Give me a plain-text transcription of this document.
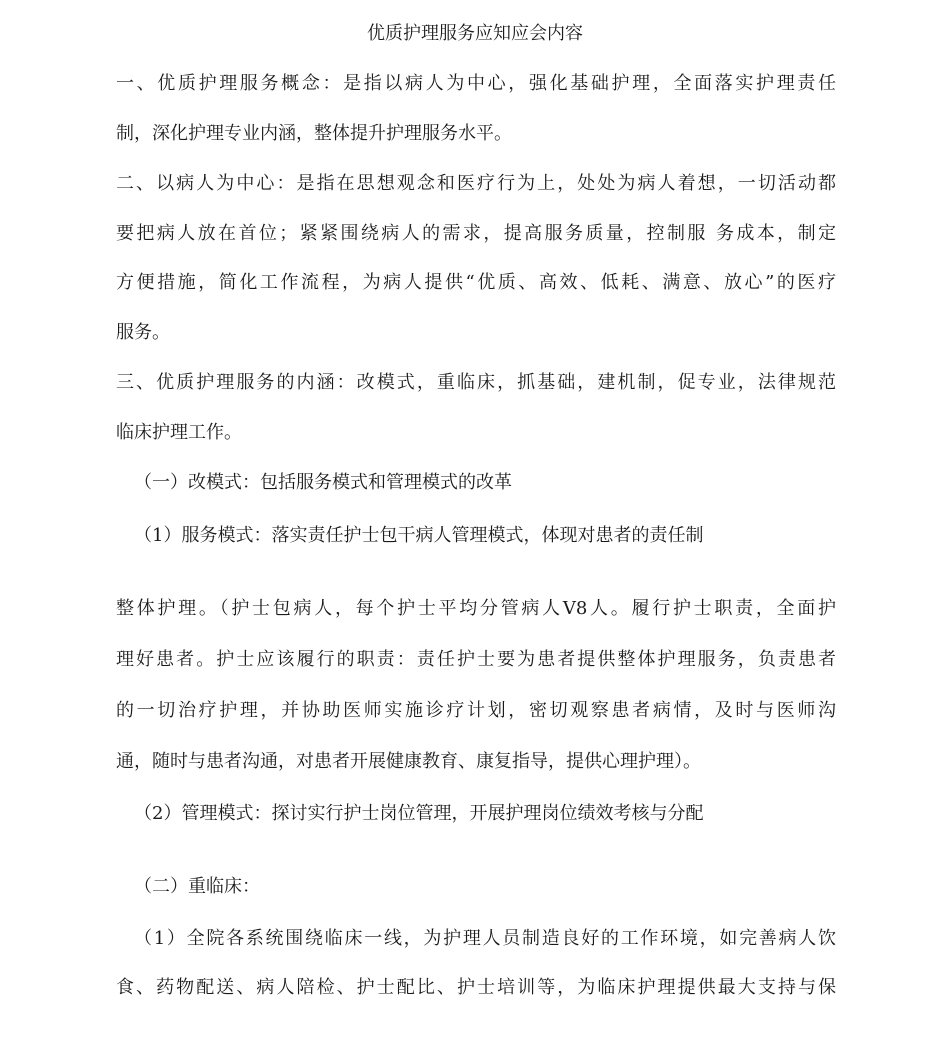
优质护理服务应知应会内容
一、优质护理服务概念：是指以病人为中心，强化基础护理，全面落实护理责任
制，深化护理专业内涵，整体提升护理服务水平。
二、以病人为中心：是指在思想观念和医疗行为上，处处为病人着想，一切活动都
要把病人放在首位；紧紧围绕病人的需求，提高服务质量，控制服 务成本，制定
方便措施，简化工作流程，为病人提供“优质、高效、低耗、满意、放心”的医疗
服务。
三、优质护理服务的内涵：改模式，重临床，抓基础，建机制，促专业，法律规范
临床护理工作。
（一）改模式：包括服务模式和管理模式的改革
（1）服务模式：落实责任护士包干病人管理模式，体现对患者的责任制
整体护理。（护士包病人，每个护士平均分管病人V8人。履行护士职责，全面护
理好患者。护士应该履行的职责：责任护士要为患者提供整体护理服务，负责患者
的一切治疗护理，并协助医师实施诊疗计划，密切观察患者病情，及时与医师沟
通，随时与患者沟通，对患者开展健康教育、康复指导，提供心理护理）。
（2）管理模式：探讨实行护士岗位管理，开展护理岗位绩效考核与分配
（二）重临床：
（1）全院各系统围绕临床一线，为护理人员制造良好的工作环境，如完善病人饮
食、药物配送、病人陪检、护士配比、护士培训等，为临床护理提供最大支持与保
